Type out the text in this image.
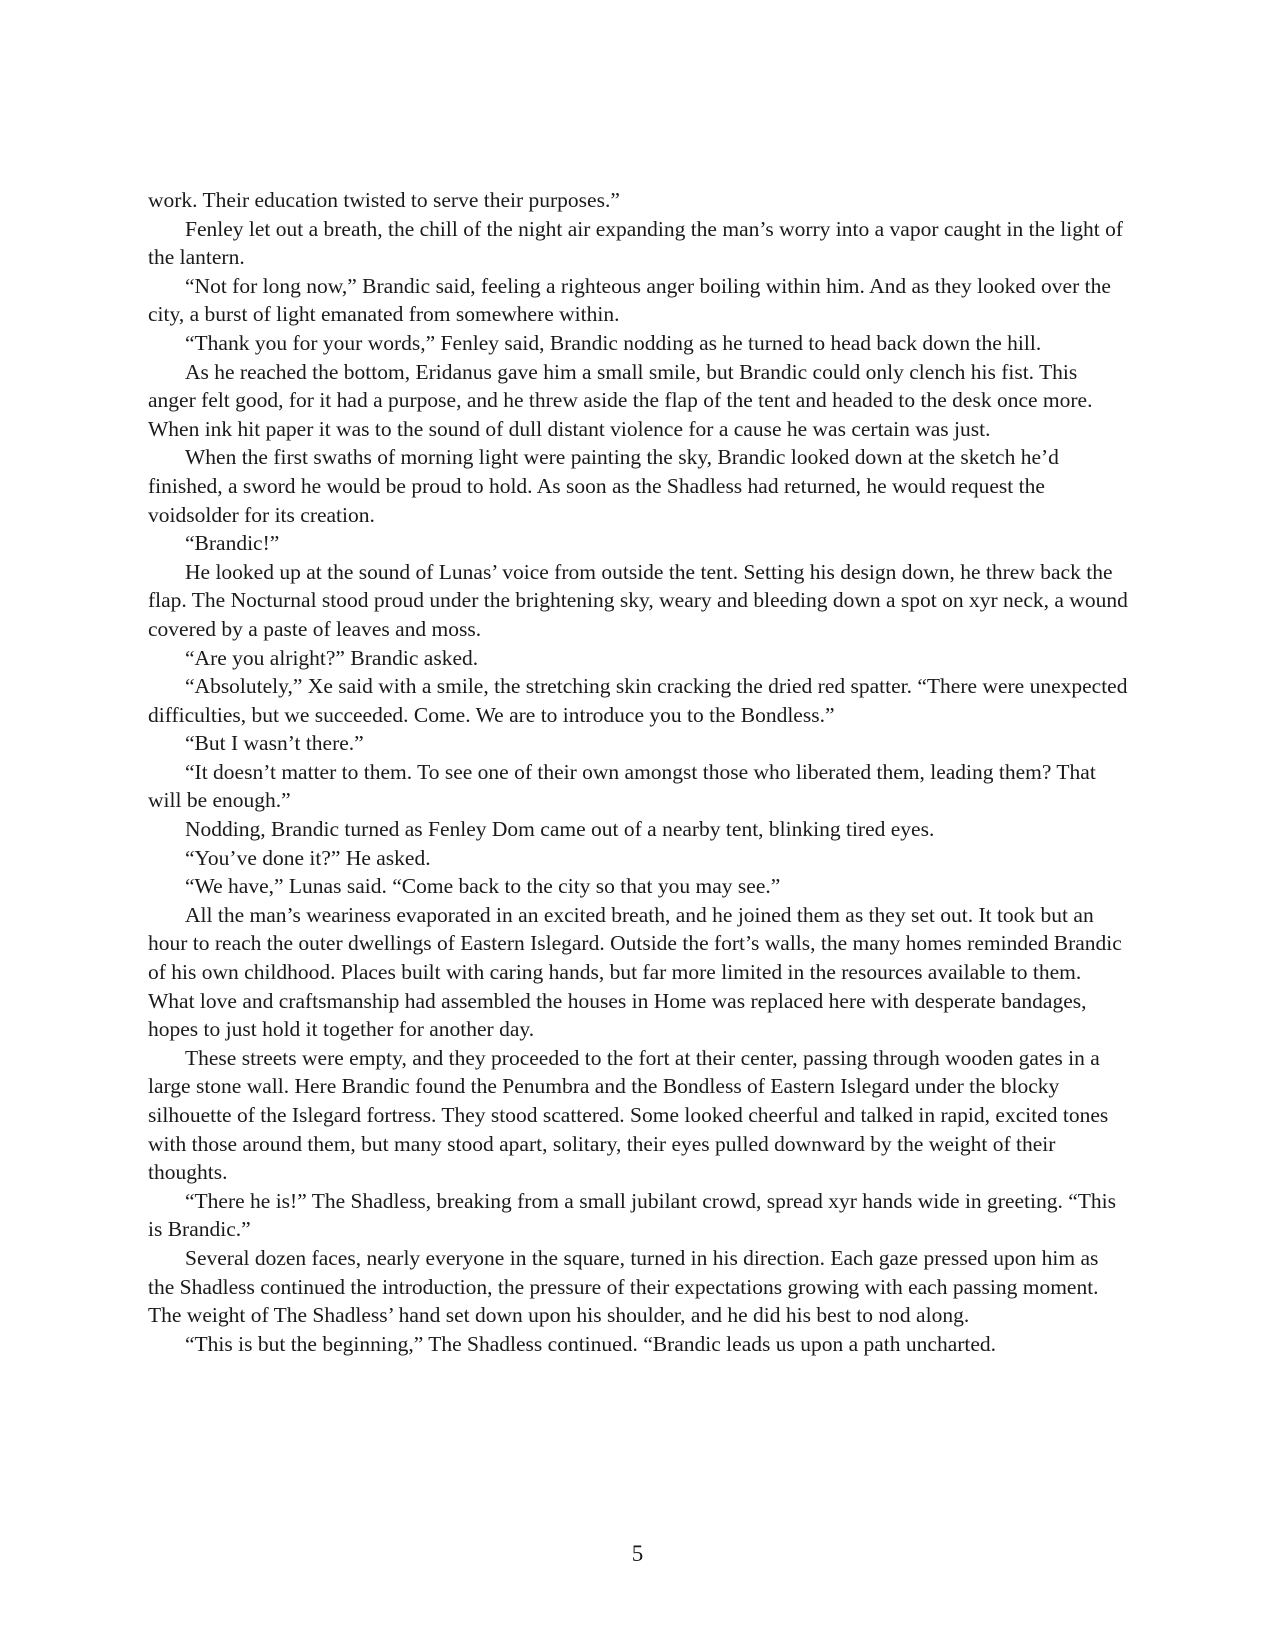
work. Their education twisted to serve their purposes.”

Fenley let out a breath, the chill of the night air expanding the man’s worry into a vapor caught in the light of the lantern.

“Not for long now,” Brandic said, feeling a righteous anger boiling within him. And as they looked over the city, a burst of light emanated from somewhere within.

“Thank you for your words,” Fenley said, Brandic nodding as he turned to head back down the hill.

As he reached the bottom, Eridanus gave him a small smile, but Brandic could only clench his fist. This anger felt good, for it had a purpose, and he threw aside the flap of the tent and headed to the desk once more. When ink hit paper it was to the sound of dull distant violence for a cause he was certain was just.

When the first swaths of morning light were painting the sky, Brandic looked down at the sketch he’d finished, a sword he would be proud to hold. As soon as the Shadless had returned, he would request the voidsolder for its creation.

“Brandic!”

He looked up at the sound of Lunas’ voice from outside the tent. Setting his design down, he threw back the flap. The Nocturnal stood proud under the brightening sky, weary and bleeding down a spot on xyr neck, a wound covered by a paste of leaves and moss.

“Are you alright?” Brandic asked.

“Absolutely,” Xe said with a smile, the stretching skin cracking the dried red spatter. “There were unexpected difficulties, but we succeeded. Come. We are to introduce you to the Bondless.”

“But I wasn’t there.”

“It doesn’t matter to them. To see one of their own amongst those who liberated them, leading them? That will be enough.”

Nodding, Brandic turned as Fenley Dom came out of a nearby tent, blinking tired eyes.

“You’ve done it?” He asked.

“We have,” Lunas said. “Come back to the city so that you may see.”

All the man’s weariness evaporated in an excited breath, and he joined them as they set out. It took but an hour to reach the outer dwellings of Eastern Islegard. Outside the fort’s walls, the many homes reminded Brandic of his own childhood. Places built with caring hands, but far more limited in the resources available to them. What love and craftsmanship had assembled the houses in Home was replaced here with desperate bandages, hopes to just hold it together for another day.

These streets were empty, and they proceeded to the fort at their center, passing through wooden gates in a large stone wall. Here Brandic found the Penumbra and the Bondless of Eastern Islegard under the blocky silhouette of the Islegard fortress. They stood scattered. Some looked cheerful and talked in rapid, excited tones with those around them, but many stood apart, solitary, their eyes pulled downward by the weight of their thoughts.

“There he is!” The Shadless, breaking from a small jubilant crowd, spread xyr hands wide in greeting. “This is Brandic.”

Several dozen faces, nearly everyone in the square, turned in his direction. Each gaze pressed upon him as the Shadless continued the introduction, the pressure of their expectations growing with each passing moment. The weight of The Shadless’ hand set down upon his shoulder, and he did his best to nod along.

“This is but the beginning,” The Shadless continued. “Brandic leads us upon a path uncharted.

5
